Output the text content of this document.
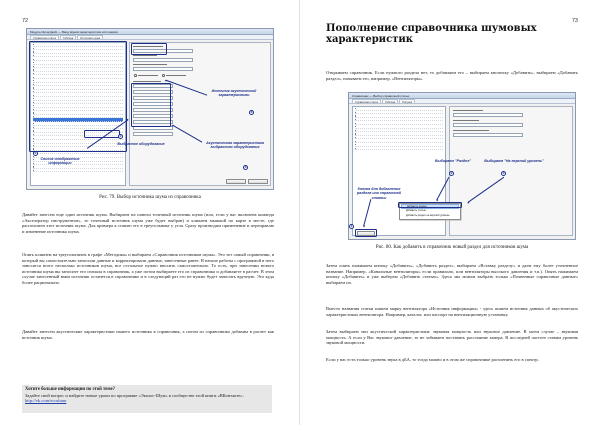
72
Модуль Интерфейс — Ввод звуков характеристики источников
Справочная статья	Таблица	Источники шума
1
2
3
4
Список отображения информации
Выбранное оборудование	Акустическая характеристика выбранного оборудования
Источник акустической характеристики
Рис. 79. Выбор источника шума из справочника
Давайте занесем еще один источник шума. Выбираем на панели точечный источник шума (или, если у вас включена команда «Акселератор инструментов», то точечный источник шума уже будет выбран) и кликаем мышкой по карте в месте, где расположен этот источник шума. Для примера я ставлю его в треугольнике у угла. Сразу производим применение и переправлю и изменение источника шума.
Опять кликнем на треугольничек в графе «Методика» и выбираем «Справочник источников шума». Это тот самый справочник, в который вы самостоятельно заносили данные и корректировали данные, занесенные ранее. В начале работы с программой в него заносятся всего несколько источников шума, все остальное нужно вносить самостоятельно. То есть, при занесении нового источника шума вы заносите его сначала в справочник, а уже потом выбираете его из справочника и добавляете в расчет. В этом случае занесенный вами источник останется в справочнике и в следующий раз его не нужно будет заносить вручную. Это куда более рационально.
Давайте занесем акустические характеристики нашего источника в справочник, а потом из справочника добавим в расчет как источник шума.
Хотите больше информации по этой теме?
Задайте свой вопрос и найдите новые уроки по программе «Эколог-Шум» в сообществе этой книги «ВКонтакте»:
http://vk.com/ecoshum
73
Пополнение справочника шумовых характеристик
Открываем справочник. Если нужного раздела нет, то добавляем его – выбираем кнопочку «Добавить», выбираем «Добавить раздел», называем его, например, «Вентиляторы».
Справочник — Выбор справочной статьи
Справочная статья	Таблица	Рисунок
Добавить раздел
Добавить статью
Добавить раздел на верхний уровень
1
2	3
Кнопка для добавления раздела или справочной статьи
Выбираем "Раздел"	Выбираем "На верхний уровень"
Рис. 80. Как добавить в справочник новый раздел для источников шума
Затем опять нажимаем кнопку «Добавить», «Добавить раздел», выбираем «Вставку разделу» и даем ему более уточненное название. Например, «Канальные вентиляторы» если правильно, или вентиляторы высокого давления и т.п.). Опять нажимаем кнопку «Добавить» и уже выберем «Добавить статью». Здесь мы можем выбрать только «Почвенные справочные данные» выбираем их.
Вместо названия статьи пишем марку вентилятора «Источник информации» - здесь пишем источник данных об акустических характеристиках вентилятора. Например, каталог, или паспорт на вентиляционную установку.
Затем выбираем тип акустической характеристики: звуковая мощность или звуковое давление. В моем случае – звуковая мощность. А если у Вас звуковое давление, то не забываем поставить расстояние замера. В последней частоте ставим уровень звуковой мощности.
Если у вас есть только уровень звука в дБА, то тогда можно и в этом же справочнике расчленить его в спектр.
